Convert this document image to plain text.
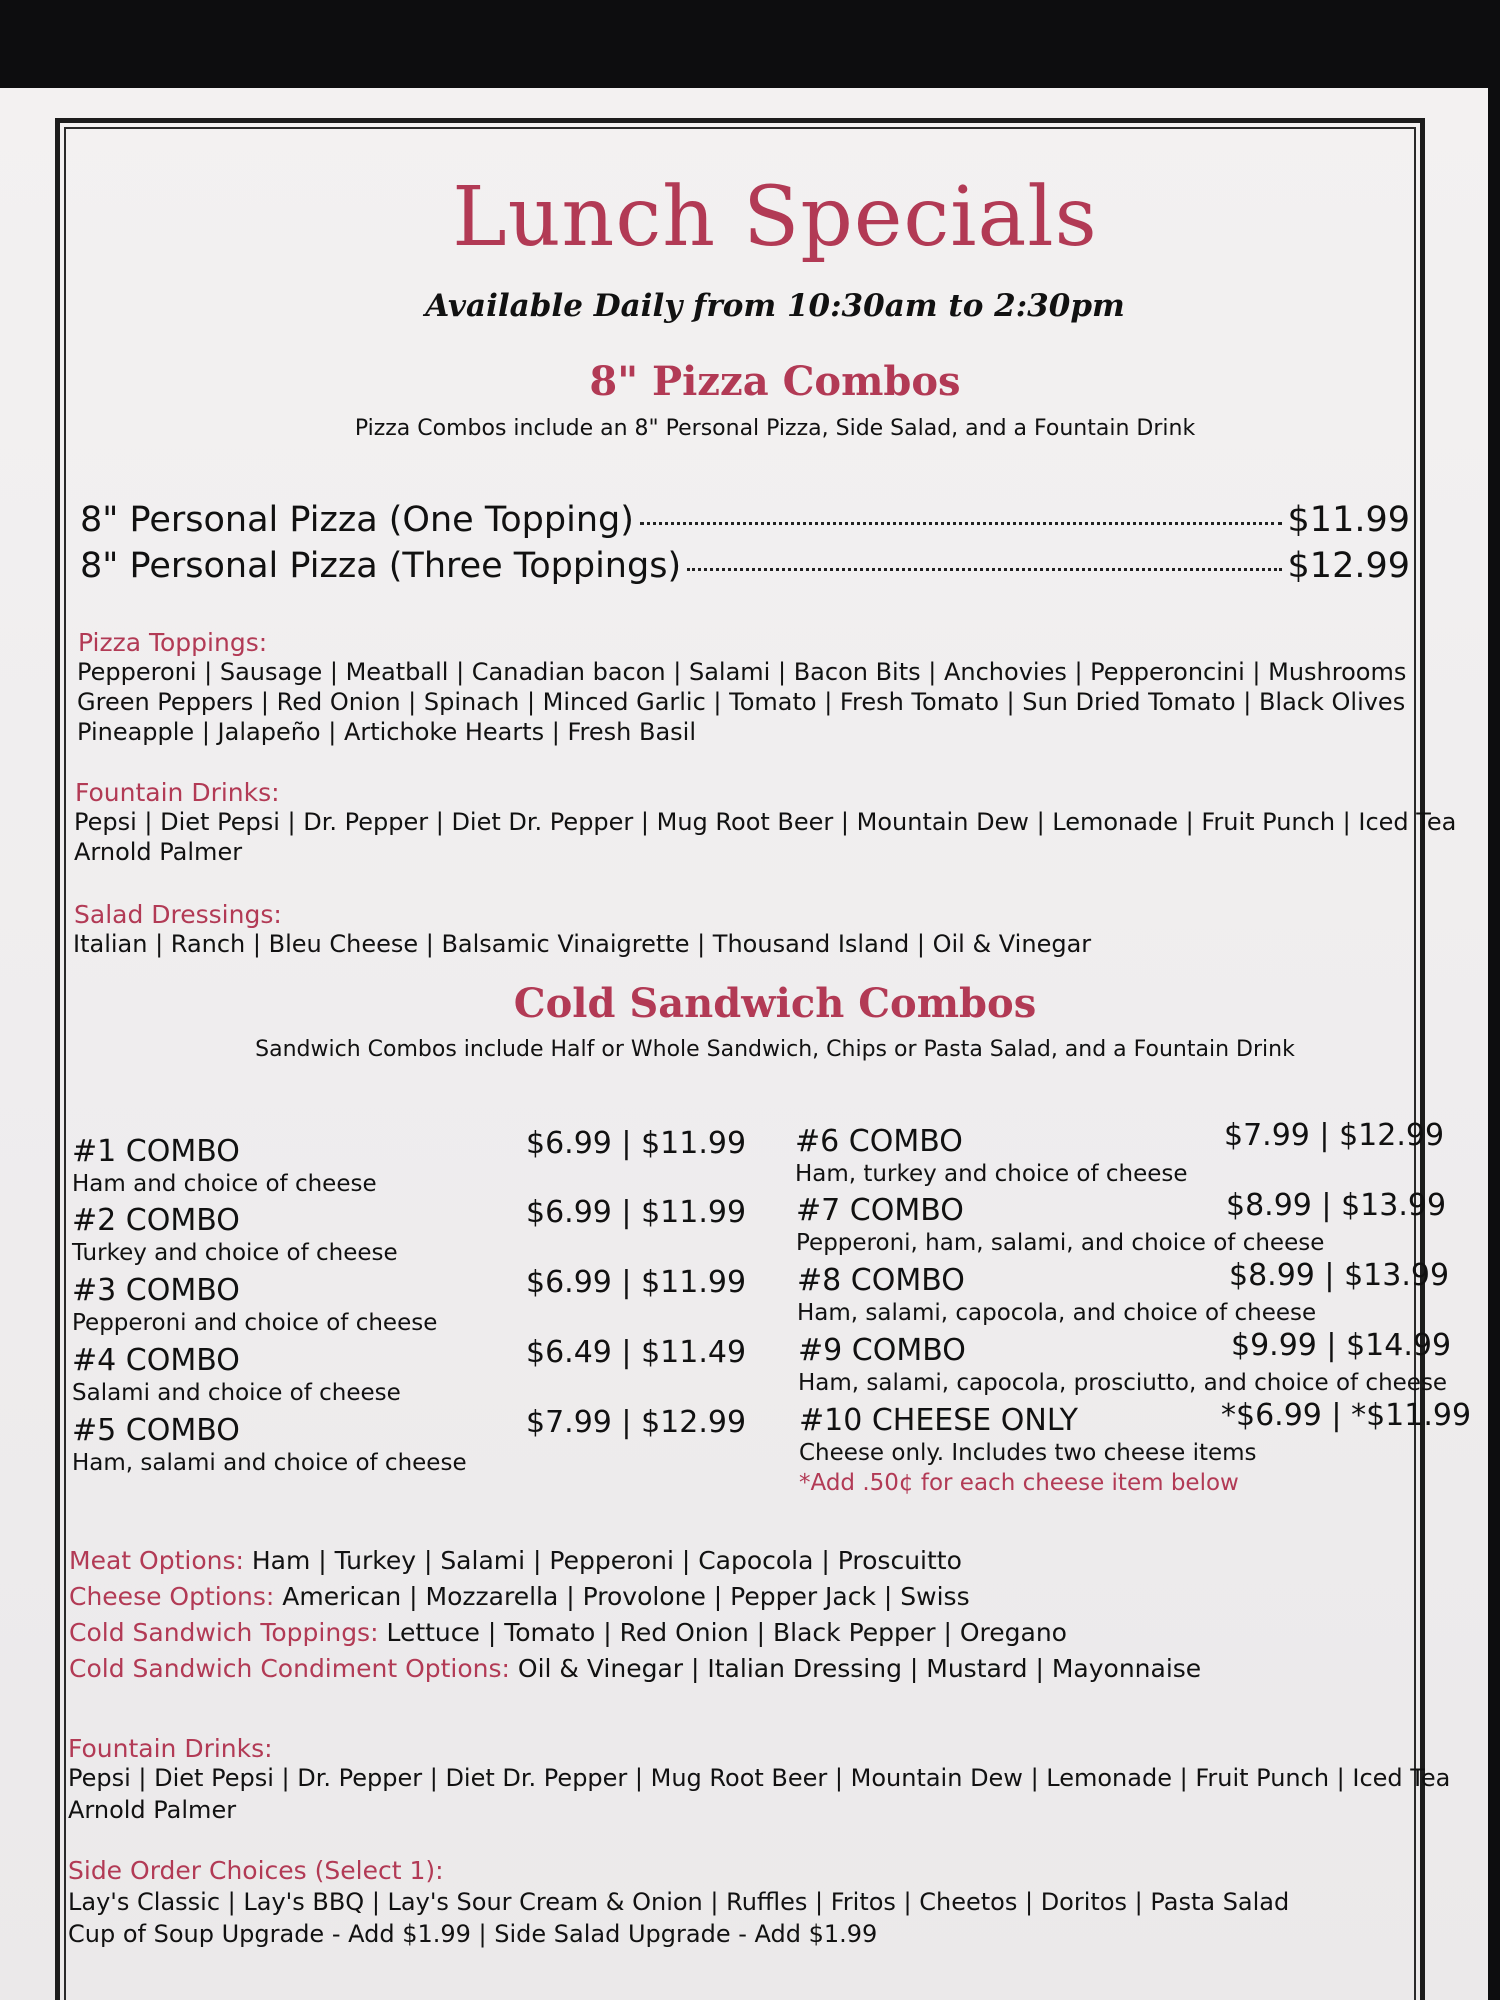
Lunch Specials
Available Daily from 10:30am to 2:30pm
8" Pizza Combos
Pizza Combos include an 8" Personal Pizza, Side Salad, and a Fountain Drink
8" Personal Pizza (One Topping)	$11.99
8" Personal Pizza (Three Toppings)	$12.99
Pizza Toppings:
Pepperoni | Sausage | Meatball | Canadian bacon | Salami | Bacon Bits | Anchovies | Pepperoncini | Mushrooms
Green Peppers | Red Onion | Spinach | Minced Garlic | Tomato | Fresh Tomato | Sun Dried Tomato | Black Olives
Pineapple | Jalapeño | Artichoke Hearts | Fresh Basil
Fountain Drinks:
Pepsi | Diet Pepsi | Dr. Pepper | Diet Dr. Pepper | Mug Root Beer | Mountain Dew | Lemonade | Fruit Punch | Iced Tea
Arnold Palmer
Salad Dressings:
Italian | Ranch | Bleu Cheese | Balsamic Vinaigrette | Thousand Island | Oil & Vinegar
Cold Sandwich Combos
Sandwich Combos include Half or Whole Sandwich, Chips or Pasta Salad, and a Fountain Drink
#1 COMBO	$6.99 | $11.99
Ham and choice of cheese
#2 COMBO	$6.99 | $11.99
Turkey and choice of cheese
#3 COMBO	$6.99 | $11.99
Pepperoni and choice of cheese
#4 COMBO	$6.49 | $11.49
Salami and choice of cheese
#5 COMBO	$7.99 | $12.99
Ham, salami and choice of cheese
#6 COMBO	$7.99 | $12.99
Ham, turkey and choice of cheese
#7 COMBO	$8.99 | $13.99
Pepperoni, ham, salami, and choice of cheese
#8 COMBO	$8.99 | $13.99
Ham, salami, capocola, and choice of cheese
#9 COMBO	$9.99 | $14.99
Ham, salami, capocola, prosciutto, and choice of cheese
#10 CHEESE ONLY	*$6.99 | *$11.99
Cheese only. Includes two cheese items
*Add .50¢ for each cheese item below
Meat Options: Ham | Turkey | Salami | Pepperoni | Capocola | Proscuitto
Cheese Options: American | Mozzarella | Provolone | Pepper Jack | Swiss
Cold Sandwich Toppings: Lettuce | Tomato | Red Onion | Black Pepper | Oregano
Cold Sandwich Condiment Options: Oil & Vinegar | Italian Dressing | Mustard | Mayonnaise
Fountain Drinks:
Pepsi | Diet Pepsi | Dr. Pepper | Diet Dr. Pepper | Mug Root Beer | Mountain Dew | Lemonade | Fruit Punch | Iced Tea
Arnold Palmer
Side Order Choices (Select 1):
Lay's Classic | Lay's BBQ | Lay's Sour Cream & Onion | Ruffles | Fritos | Cheetos | Doritos | Pasta Salad
Cup of Soup Upgrade - Add $1.99 | Side Salad Upgrade - Add $1.99
